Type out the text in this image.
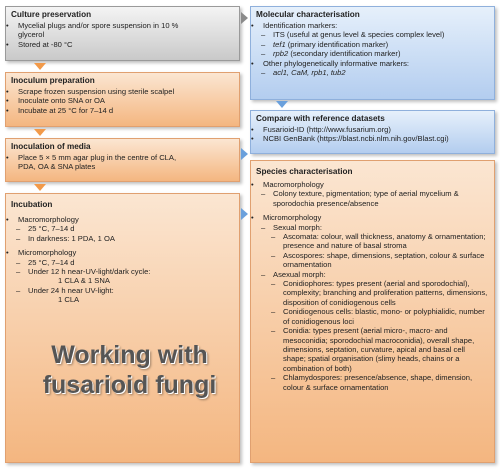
Culture preservation
• Mycelial plugs and/or spore suspension in 10 %
glycerol
• Stored at -80 °C
Inoculum preparation
• Scrape frozen suspension using sterile scalpel
• Inoculate onto SNA or OA
• Incubate at 25 °C for 7–14 d
Inoculation of media
• Place 5 × 5 mm agar plug in the centre of CLA,
PDA, OA & SNA plates
Incubation
• Macromorphology
– 25 °C, 7–14 d
– In darkness: 1 PDA, 1 OA
• Micromorphology
– 25 °C, 7–14 d
– Under 12 h near-UV-light/dark cycle:
1 CLA & 1 SNA
– Under 24 h near UV-light:
1 CLA
Working with
fusarioid fungi
Molecular characterisation
• Identification markers:
– ITS (useful at genus level & species complex level)
– tef1 (primary identification marker)
– rpb2 (secondary identification marker)
• Other phylogenetically informative markers:
– acl1, CaM, rpb1, tub2
Compare with reference datasets
• Fusarioid-ID (http://www.fusarium.org)
• NCBI GenBank (https://blast.ncbi.nlm.nih.gov/Blast.cgi)
Species characterisation
• Macromorphology
– Colony texture, pigmentation; type of aerial mycelium & sporodochia presence/absence
• Micromorphology
– Sexual morph:
– Ascomata: colour, wall thickness, anatomy & ornamentation; presence and nature of basal stroma
– Ascospores: shape, dimensions, septation, colour & surface ornamentation
– Asexual morph:
– Conidiophores: types present (aerial and sporodochial), complexity; branching and proliferation patterns, dimensions, disposition of conidiogenous cells
– Conidiogenous cells: blastic, mono- or polyphialidic, number of conidiogenous loci
– Conidia: types present (aerial micro-, macro- and mesoconidia; sporodochial macroconidia), overall shape, dimensions, septation, curvature, apical and basal cell shape; spatial organisation (slimy heads, chains or a combination of both)
– Chlamydospores: presence/absence, shape, dimension, colour & surface ornamentation
